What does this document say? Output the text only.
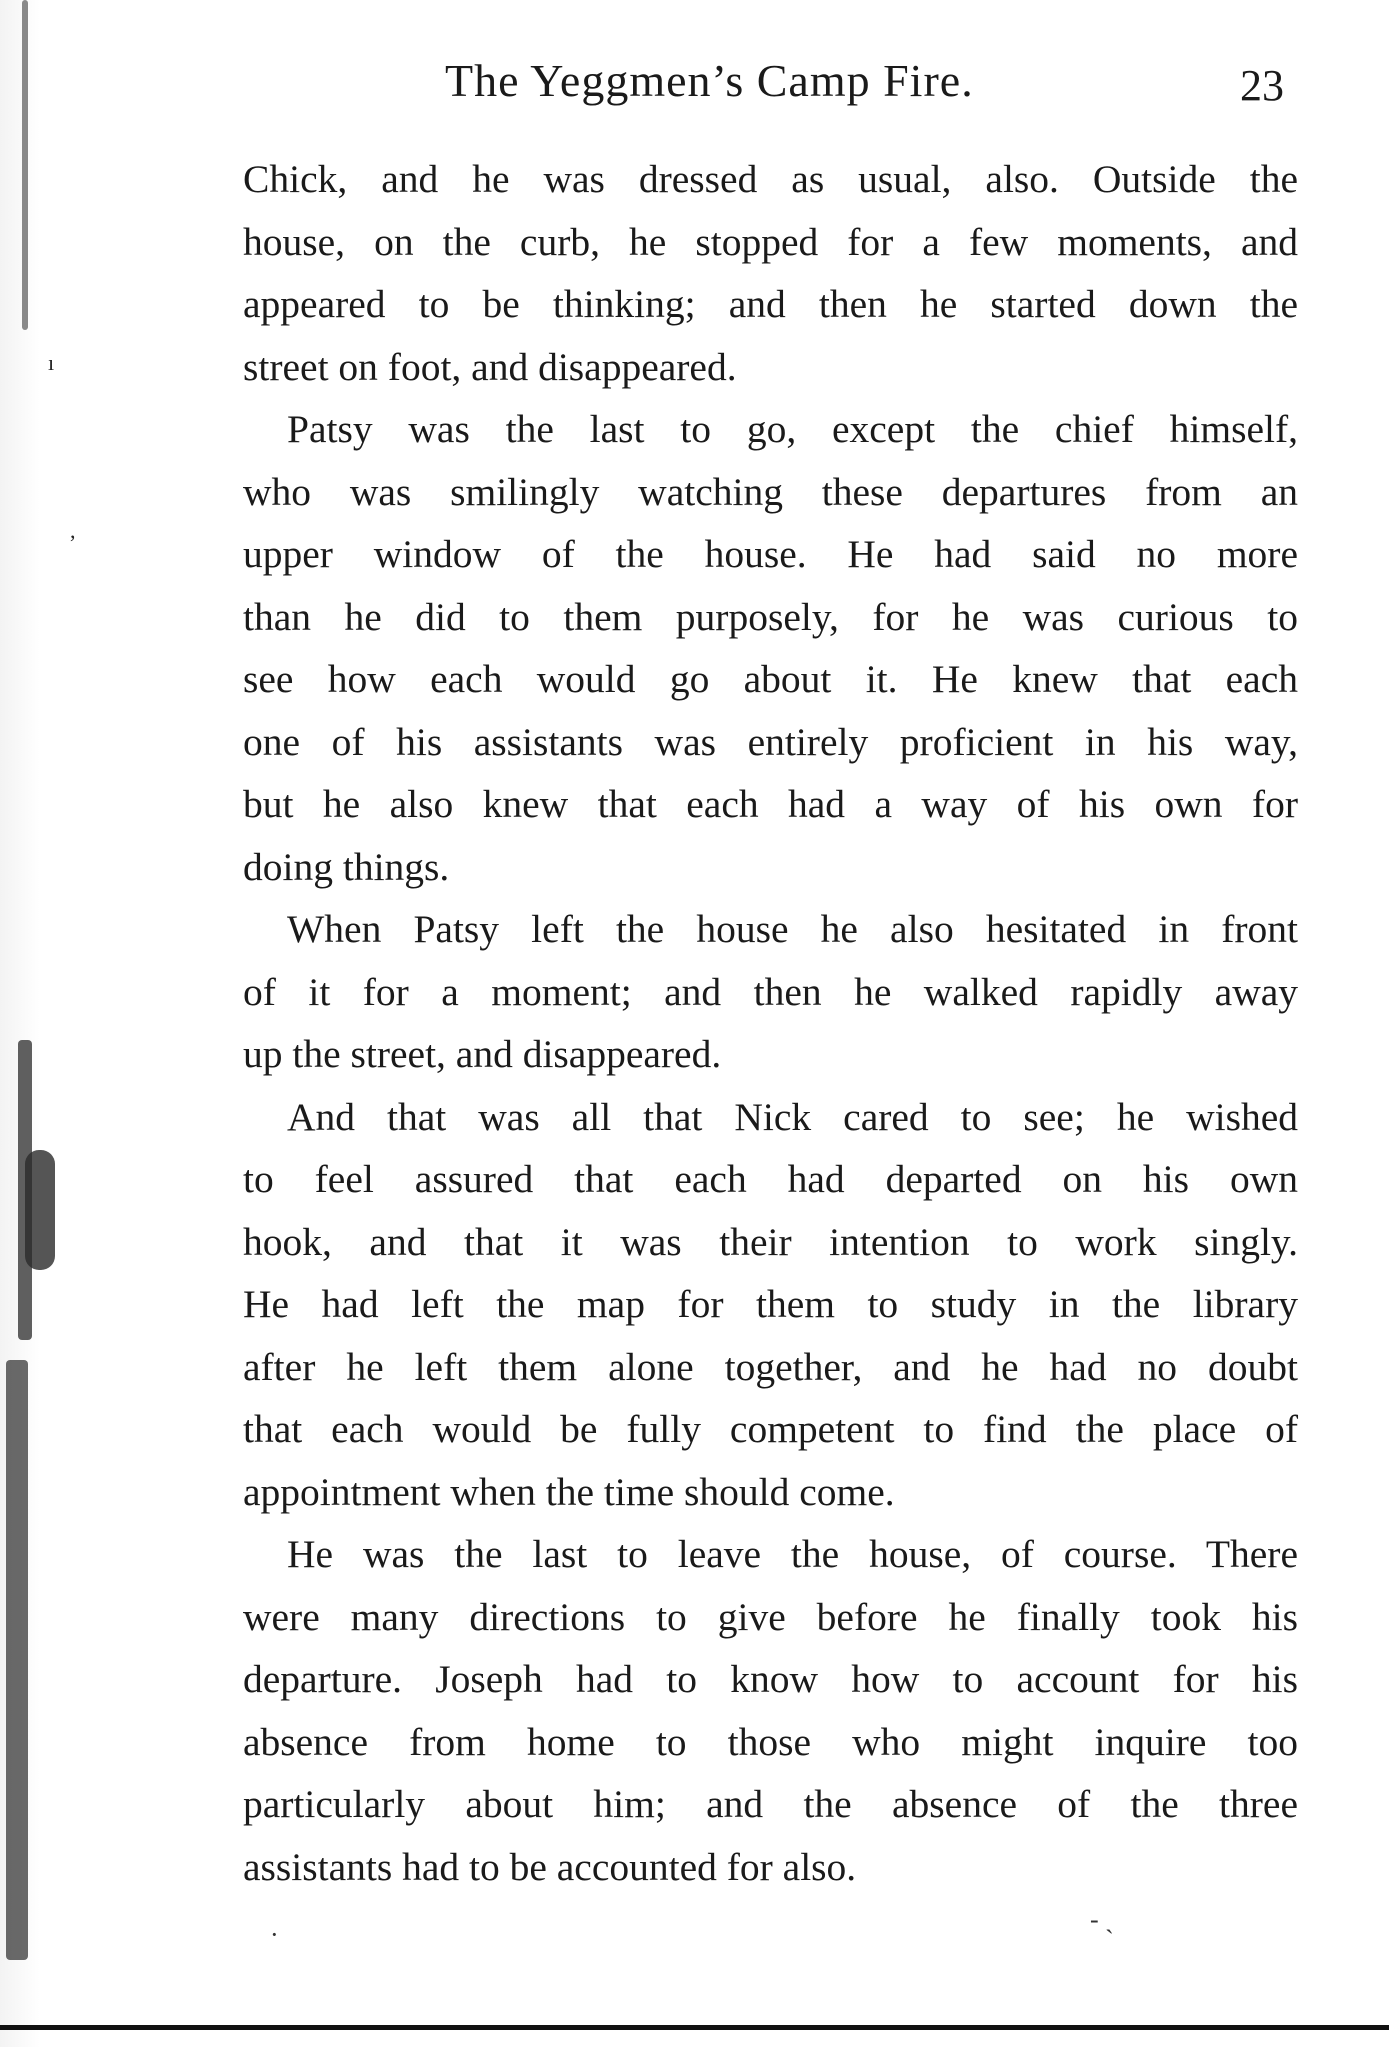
ı
,
The Yeggmen’s Camp Fire.	23
Chick, and he was dressed as usual, also. Outside the
house, on the curb, he stopped for a few moments, and
appeared to be thinking; and then he started down the
street on foot, and disappeared.
Patsy was the last to go, except the chief himself,
who was smilingly watching these departures from an
upper window of the house. He had said no more
than he did to them purposely, for he was curious to
see how each would go about it. He knew that each
one of his assistants was entirely proficient in his way,
but he also knew that each had a way of his own for
doing things.
When Patsy left the house he also hesitated in front
of it for a moment; and then he walked rapidly away
up the street, and disappeared.
And that was all that Nick cared to see; he wished
to feel assured that each had departed on his own
hook, and that it was their intention to work singly.
He had left the map for them to study in the library
after he left them alone together, and he had no doubt
that each would be fully competent to find the place of
appointment when the time should come.
He was the last to leave the house, of course. There
were many directions to give before he finally took his
departure. Joseph had to know how to account for his
absence from home to those who might inquire too
particularly about him; and the absence of the three
assistants had to be accounted for also.
·
- ˎ
